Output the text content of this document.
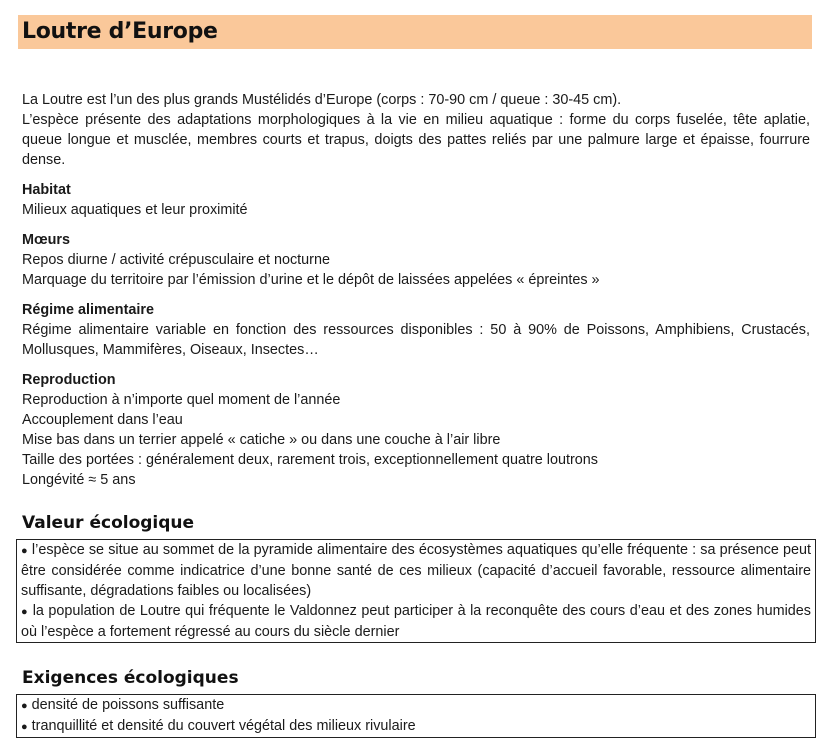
Loutre d’Europe

La Loutre est l’un des plus grands Mustélidés d’Europe (corps : 70-90 cm / queue : 30-45 cm).

L’espèce présente des adaptations morphologiques à la vie en milieu aquatique : forme du corps fuselée, tête aplatie, queue longue et musclée, membres courts et trapus, doigts des pattes reliés par une palmure large et épaisse, fourrure dense.

Habitat

Milieux aquatiques et leur proximité

Mœurs

Repos diurne / activité crépusculaire et nocturne

Marquage du territoire par l’émission d’urine et le dépôt de laissées appelées « épreintes »

Régime alimentaire

Régime alimentaire variable en fonction des ressources disponibles : 50 à 90% de Poissons, Amphibiens, Crustacés, Mollusques, Mammifères, Oiseaux, Insectes…

Reproduction

Reproduction à n’importe quel moment de l’année

Accouplement dans l’eau

Mise bas dans un terrier appelé « catiche » ou dans une couche à l’air libre

Taille des portées : généralement deux, rarement trois, exceptionnellement quatre loutrons

Longévité ≈ 5 ans

Valeur écologique

● l’espèce se situe au sommet de la pyramide alimentaire des écosystèmes aquatiques qu’elle fréquente : sa présence peut être considérée comme indicatrice d’une bonne santé de ces milieux (capacité d’accueil favorable, ressource alimentaire suffisante, dégradations faibles ou localisées)

● la population de Loutre qui fréquente le Valdonnez peut participer à la reconquête des cours d’eau et des zones humides où l’espèce a fortement régressé au cours du siècle dernier

Exigences écologiques

● densité de poissons suffisante

● tranquillité et densité du couvert végétal des milieux rivulaire
